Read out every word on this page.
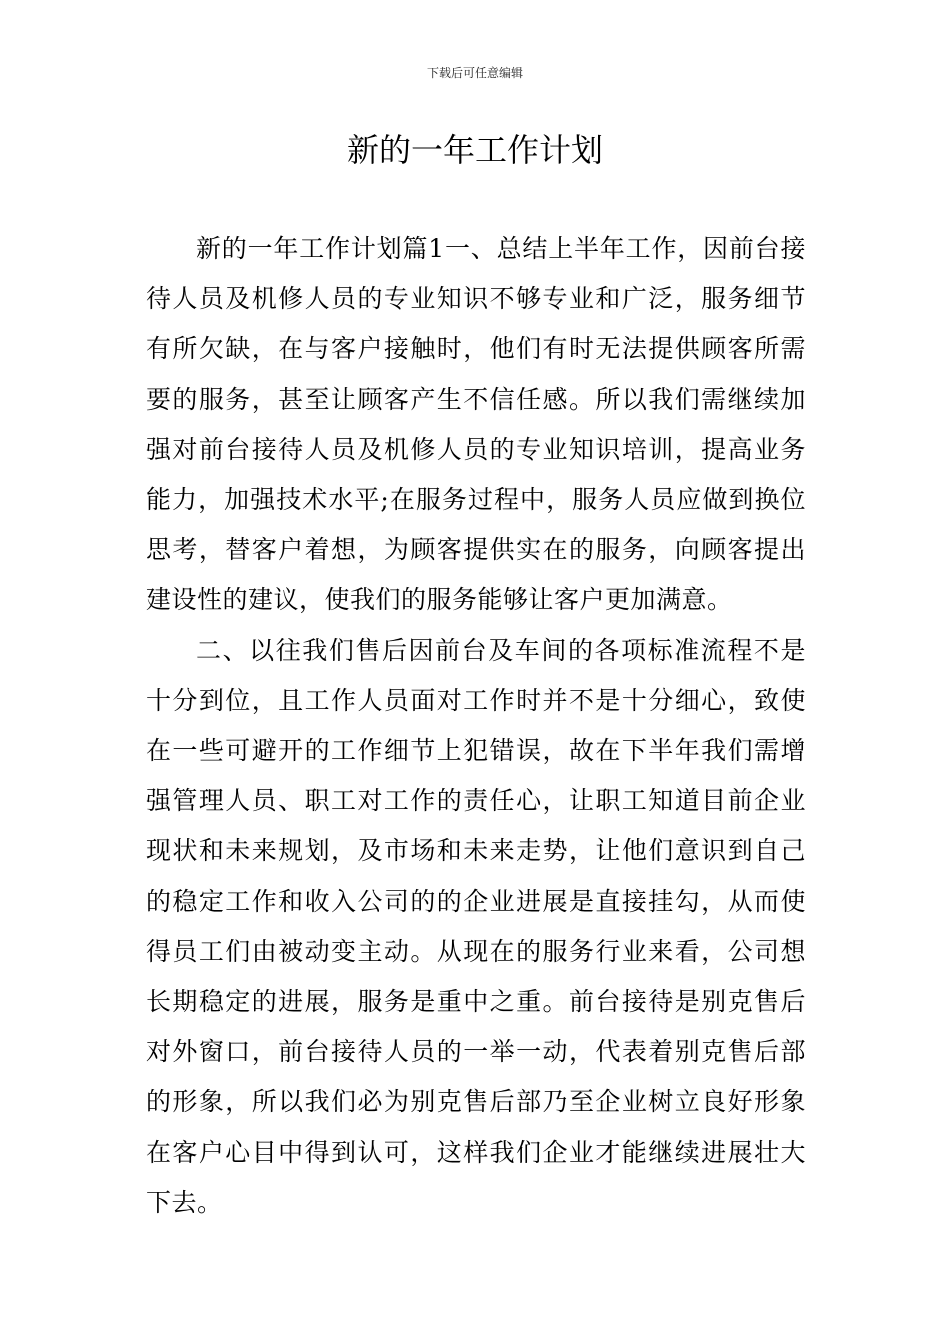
下载后可任意编辑
新的一年工作计划

新的一年工作计划篇1一、总结上半年工作，因前台接待人员及机修人员的专业知识不够专业和广泛，服务细节有所欠缺，在与客户接触时，他们有时无法提供顾客所需要的服务，甚至让顾客产生不信任感。所以我们需继续加强对前台接待人员及机修人员的专业知识培训，提高业务能力，加强技术水平;在服务过程中，服务人员应做到换位思考，替客户着想，为顾客提供实在的服务，向顾客提出建设性的建议，使我们的服务能够让客户更加满意。

二、以往我们售后因前台及车间的各项标准流程不是十分到位，且工作人员面对工作时并不是十分细心，致使在一些可避开的工作细节上犯错误，故在下半年我们需增强管理人员、职工对工作的责任心，让职工知道目前企业现状和未来规划，及市场和未来走势，让他们意识到自己的稳定工作和收入公司的的企业进展是直接挂勾，从而使得员工们由被动变主动。从现在的服务行业来看，公司想长期稳定的进展，服务是重中之重。前台接待是别克售后对外窗口，前台接待人员的一举一动，代表着别克售后部的形象，所以我们必为别克售后部乃至企业树立良好形象在客户心目中得到认可，这样我们企业才能继续进展壮大下去。
